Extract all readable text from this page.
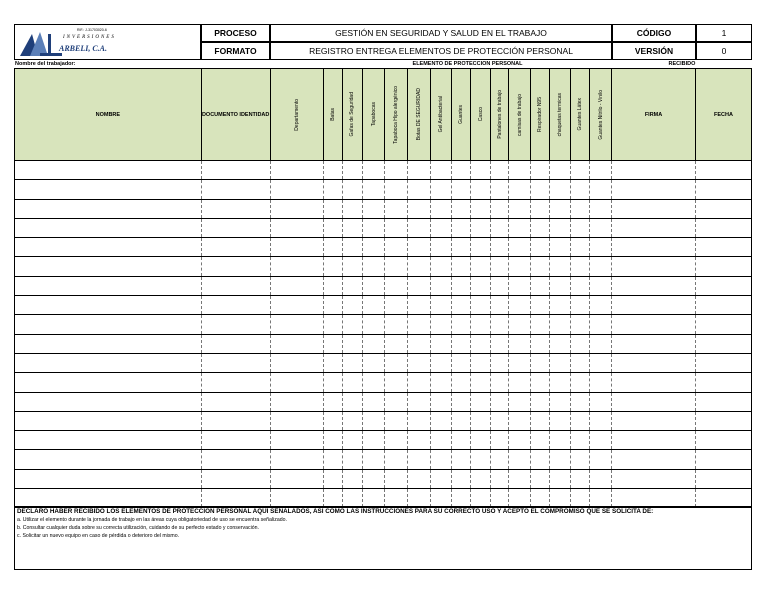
RIF.: J-31703020-6
INVERSIONES
ARBELI, C.A.
PROCESO	GESTIÓN EN SEGURIDAD Y SALUD EN EL TRABAJO	CÓDIGO	1
FORMATO	REGISTRO ENTREGA ELEMENTOS DE PROTECCIÓN PERSONAL	VERSIÓN	0
Nombre del trabajador:	ELEMENTO DE PROTECCION PERSONAL	RECIBIDO
NOMBRE	DOCUMENTO IDENTIDAD	Departamento	Batas	Gafas de Seguridad	Tapabocas	Tapaboca Hipo alergénico	Botas DE SEGURIDAD	Gel Antibacterial	Guantes	Casco	Pantalones de trabajo	camisas de trabajo	Respirador N95	chaquetas termicas	Guantes Látex	Guantes Nitrilo - Vinilo	FIRMA	FECHA

DECLARO HABER RECIBIDO LOS ELEMENTOS DE PROTECCION PERSONAL AQUI SEÑALADOS, ASI COMO LAS INSTRUCCIONES PARA SU CORRECTO USO Y ACEPTO EL COMPROMISO QUE SE SOLICITA DE:
a. Utilizar el elemento durante la jornada de trabajo en las áreas cuya obligatoriedad de uso se encuentra señalizado.
b. Consultar cualquier duda sobre su correcta utilización, cuidando de su perfecto estado y conservación.
c. Solicitar un nuevo equipo en caso de pérdida o deterioro del mismo.
